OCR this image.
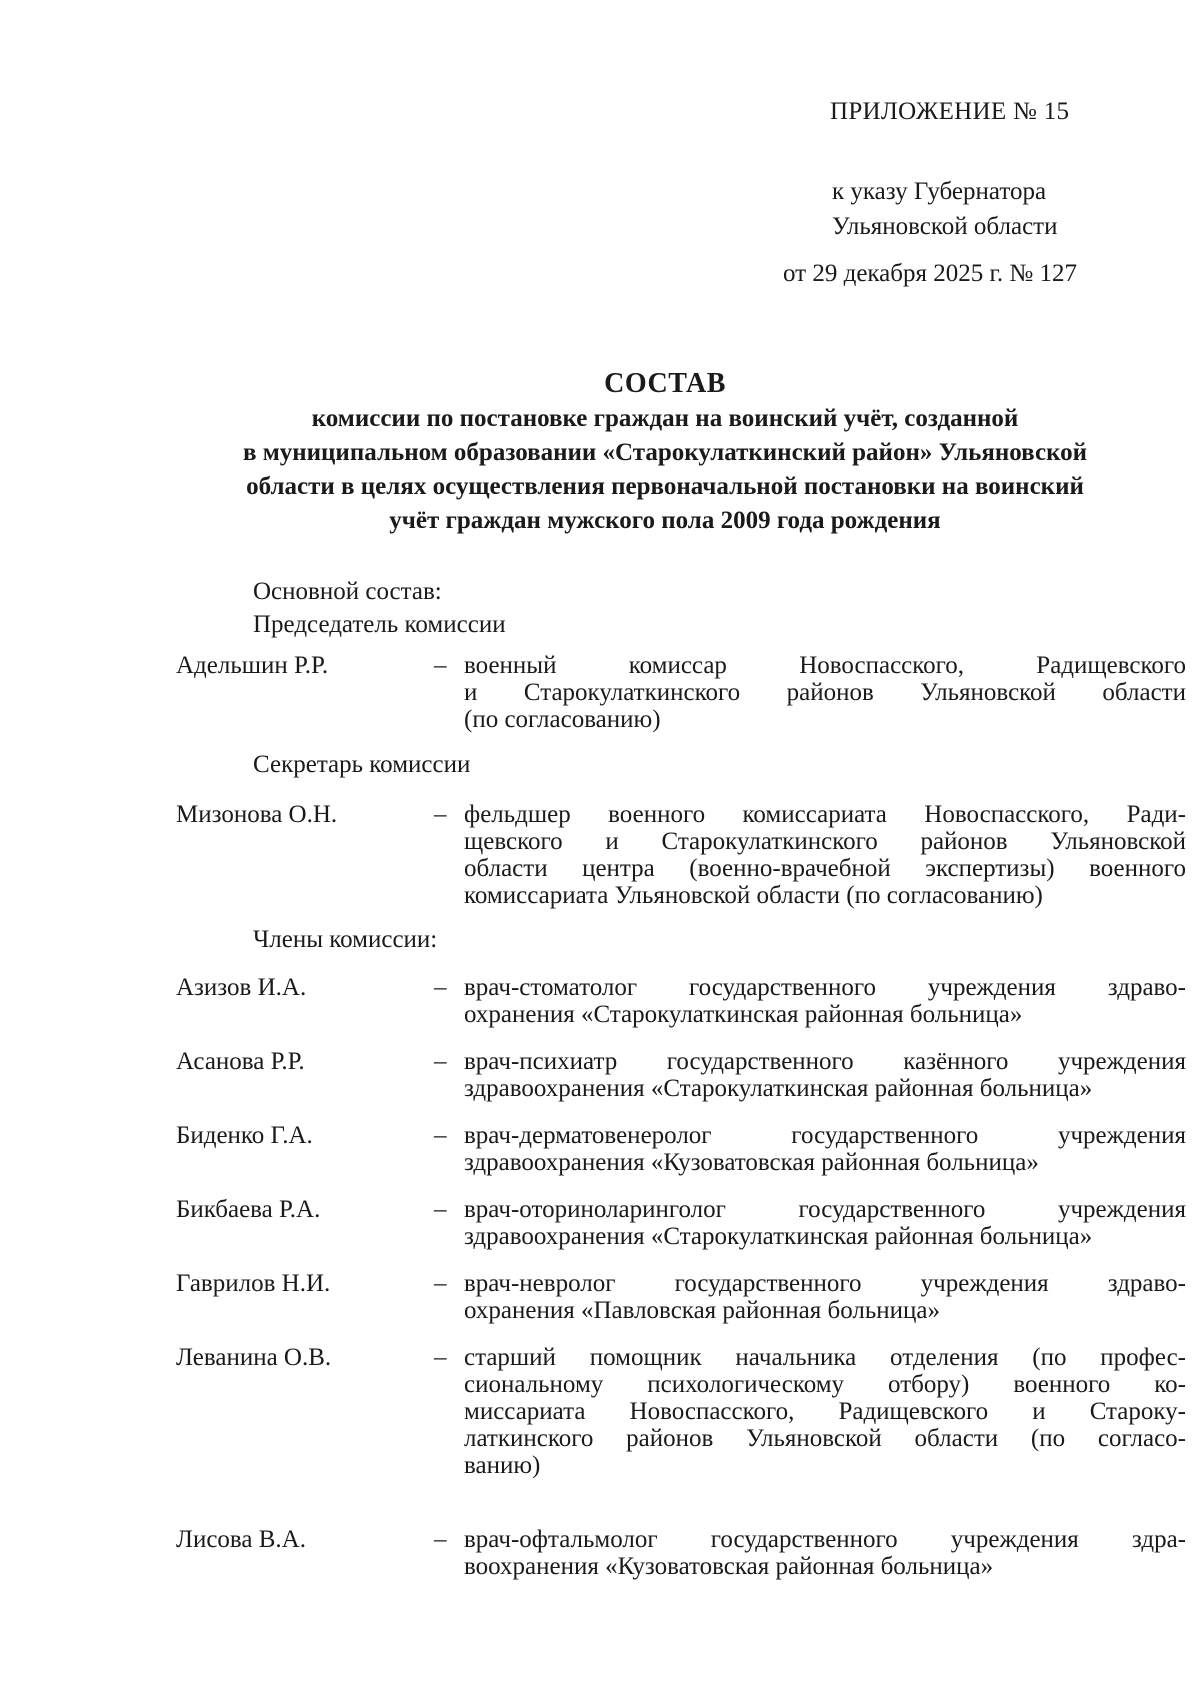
ПРИЛОЖЕНИЕ № 15
к указу Губернатора
Ульяновской области
от 29 декабря 2025 г. № 127
СОСТАВ
комиссии по постановке граждан на воинский учёт, созданной
в муниципальном образовании «Старокулаткинский район» Ульяновской
области в целях осуществления первоначальной постановки на воинский
учёт граждан мужского пола 2009 года рождения
Основной состав:
Председатель комиссии
Адельшин Р.Р.	– военный комиссар Новоспасского, Радищевского
и Старокулаткинского районов Ульяновской области
(по согласованию)
Секретарь комиссии
Мизонова О.Н.	– фельдшер военного комиссариата Новоспасского, Ради-
щевского и Старокулаткинского районов Ульяновской
области центра (военно-врачебной экспертизы) военного
комиссариата Ульяновской области (по согласованию)
Члены комиссии:
Азизов И.А.	– врач-стоматолог государственного учреждения здраво-
охранения «Старокулаткинская районная больница»
Асанова Р.Р.	– врач-психиатр государственного казённого учреждения
здравоохранения «Старокулаткинская районная больница»
Биденко Г.А.	– врач-дерматовенеролог государственного учреждения
здравоохранения «Кузоватовская районная больница»
Бикбаева Р.А.	– врач-оториноларинголог государственного учреждения
здравоохранения «Старокулаткинская районная больница»
Гаврилов Н.И.	– врач-невролог государственного учреждения здраво-
охранения «Павловская районная больница»
Леванина О.В.	– старший помощник начальника отделения (по профес-
сиональному психологическому отбору) военного ко-
миссариата Новоспасского, Радищевского и Староку-
латкинского районов Ульяновской области (по согласо-
ванию)
Лисова В.А.	– врач-офтальмолог государственного учреждения здра-
воохранения «Кузоватовская районная больница»
